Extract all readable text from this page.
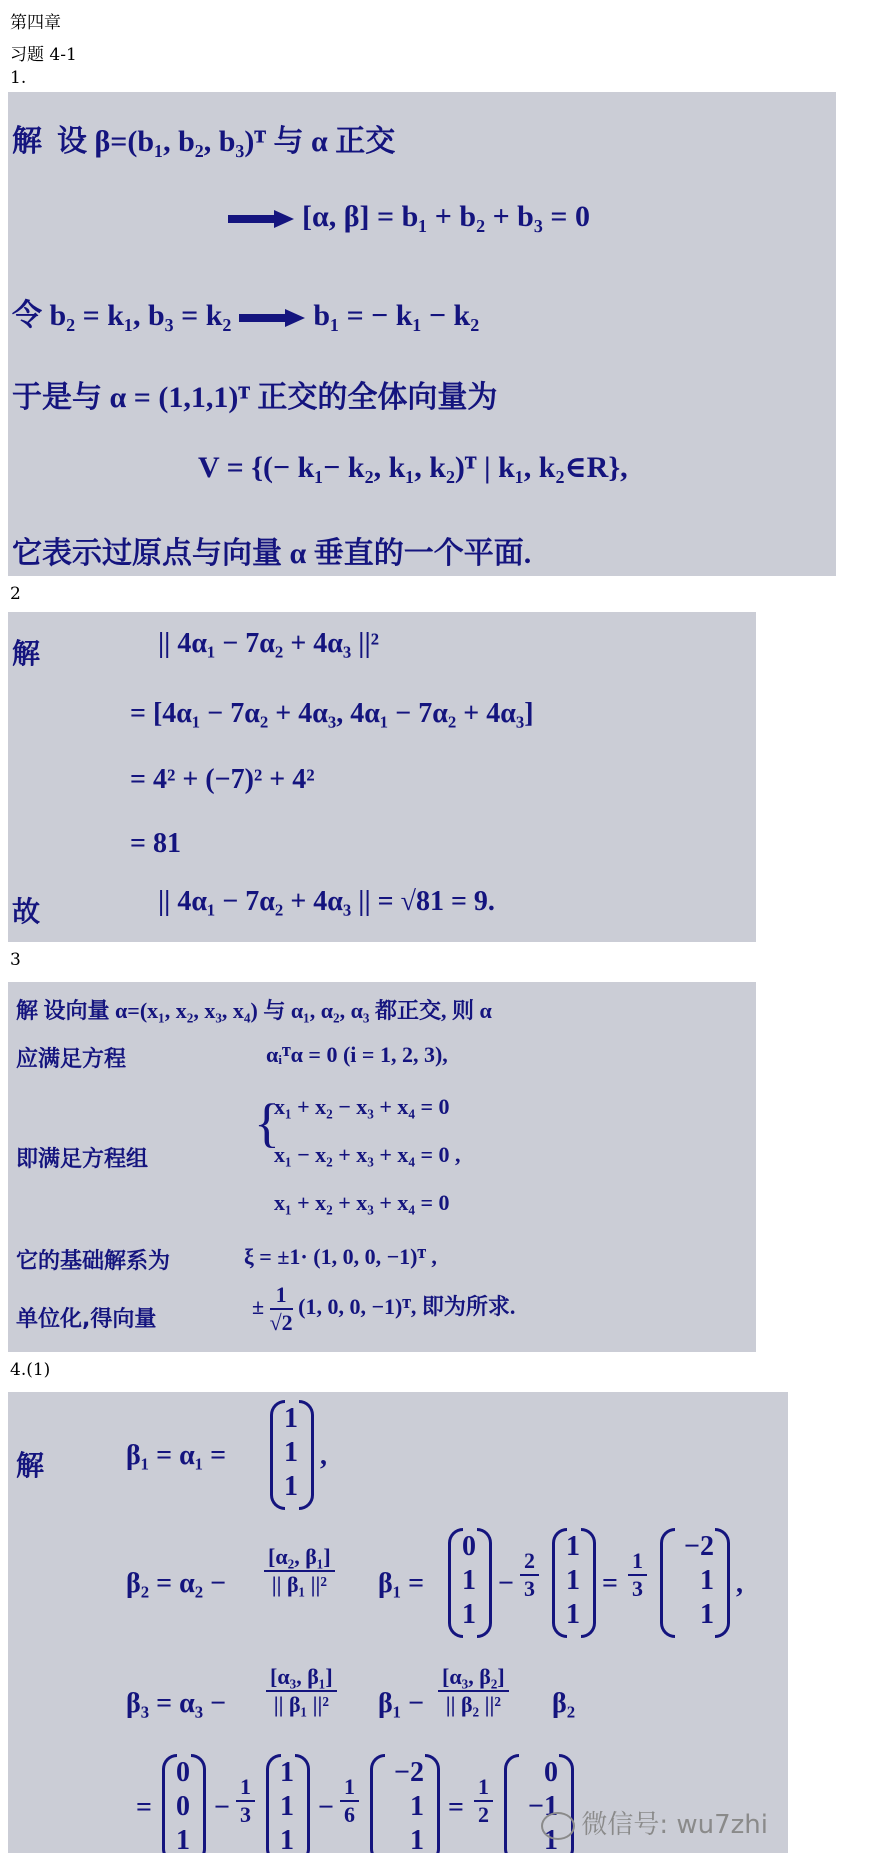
第四章
习题 4-1
1.
解 设 β=(b₁, b₂, b₃)ᵀ 与 α 正交
[α, β] = b₁ + b₂ + b₃ = 0
令 b₂ = k₁, b₃ = k₂	b₁ = − k₁ − k₂
于是与 α = (1,1,1)ᵀ 正交的全体向量为
V = {(− k₁− k₂, k₁, k₂)ᵀ | k₁, k₂∈R},
它表示过原点与向量 α 垂直的一个平面.
2
解	|| 4α₁ − 7α₂ + 4α₃ ||²
= [4α₁ − 7α₂ + 4α₃, 4α₁ − 7α₂ + 4α₃]
= 4² + (−7)² + 4²
= 81
故	|| 4α₁ − 7α₂ + 4α₃ || = √81 = 9.
3
解 设向量 α=(x₁, x₂, x₃, x₄) 与 α₁, α₂, α₃ 都正交, 则 α
应满足方程	αᵢᵀα = 0 (i = 1, 2, 3),
即满足方程组
{
x₁ + x₂ − x₃ + x₄ = 0
x₁ − x₂ + x₃ + x₄ = 0 ,
x₁ + x₂ + x₃ + x₄ = 0
它的基础解系为	ξ = ±1· (1, 0, 0, −1)ᵀ ,
单位化,得向量
± $\frac{1}{√2} (1$, 0, 0, −1)ᵀ, 即为所求.
4.(1)
解	β₁ = α₁ =
1
1
1
,
$\beta_2 = \alpha_2 - \frac{\text{[α₂, β₁]}}{\text{|| β₁ ||²}} \beta_1$ =
0
1
1
− $\frac{2}{3}$
1
1
1
= $\frac{1}{3}$
−2
1
1
,
$\beta_3 = \alpha_3 - \frac{\text{[α₃, β₁]}}{\text{|| β₁ ||²}} \beta_1 - \frac{\text{[α₃, β₂]}}{\text{|| β₂ ||²}} \beta_2$
=
0
0
1
− $\frac{1}{3}$
1
1
1
− $\frac{1}{6}$
−2
1
1
= $\frac{1}{2}$
0
−1
1 微信号: wu7zhi
